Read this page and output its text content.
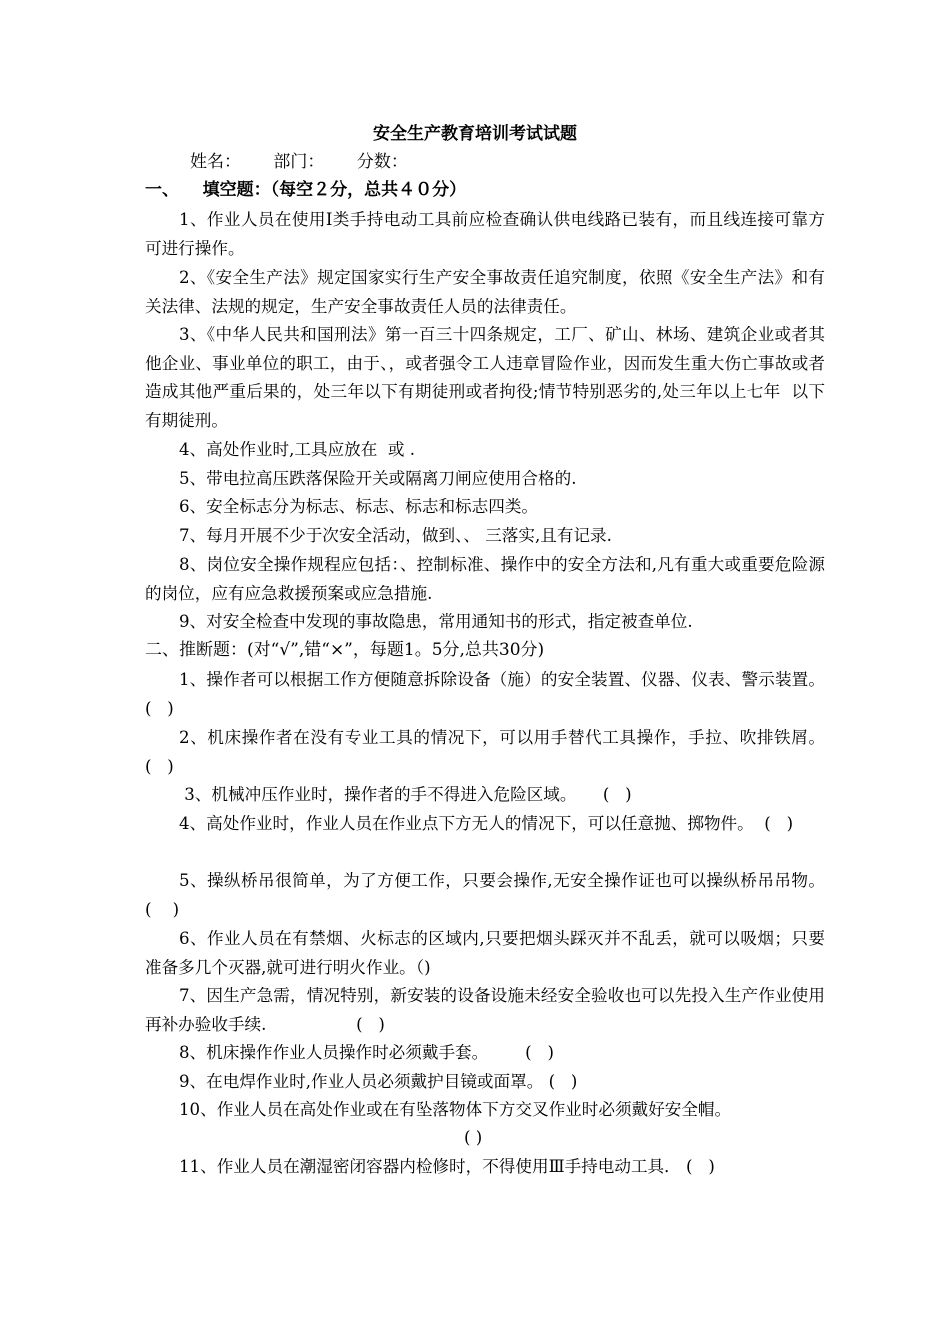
安全生产教育培训考试试题
姓名：      部门：      分数：
一、    填空题：（每空２分，总共４０分）
1、作业人员在使用Ⅰ类手持电动工具前应检查确认供电线路已装有，而且线连接可靠方可进行操作。
2、《安全生产法》规定国家实行生产安全事故责任追究制度，依照《安全生产法》和有关法律、法规的规定，生产安全事故责任人员的法律责任。
3、《中华人民共和国刑法》第一百三十四条规定，工厂、矿山、林场、建筑企业或者其他企业、事业单位的职工，由于、，或者强令工人违章冒险作业，因而发生重大伤亡事故或者造成其他严重后果的，处三年以下有期徒刑或者拘役;情节特别恶劣的,处三年以上七年  以下有期徒刑。
4、高处作业时,工具应放在  或 .
5、带电拉高压跌落保险开关或隔离刀闸应使用合格的.
6、安全标志分为标志、标志、标志和标志四类。
7、每月开展不少于次安全活动，做到、、 三落实,且有记录.
8、岗位安全操作规程应包括：、控制标准、操作中的安全方法和,凡有重大或重要危险源的岗位，应有应急救援预案或应急措施.
9、对安全检查中发现的事故隐患，常用通知书的形式，指定被查单位.
二、推断题：(对“√”,错“×”，每题1。5分,总共30分)
1、操作者可以根据工作方便随意拆除设备（施）的安全装置、仪器、仪表、警示装置。            (   )
2、机床操作者在没有专业工具的情况下，可以用手替代工具操作，手拉、吹排铁屑。    (   )
3、机械冲压作业时，操作者的手不得进入危险区域。     (   )
4、高处作业时，作业人员在作业点下方无人的情况下，可以任意抛、掷物件。  (   )
5、操纵桥吊很简单，为了方便工作，只要会操作,无安全操作证也可以操纵桥吊吊物。             (    )
6、作业人员在有禁烟、火标志的区域内,只要把烟头踩灭并不乱丢，就可以吸烟；只要准备多几个灭器,就可进行明火作业。（)
7、因生产急需，情况特别，新安装的设备设施未经安全验收也可以先投入生产作业使用再补办验收手续.                 (   )
8、机床操作作业人员操作时必须戴手套。       (   )
9、在电焊作业时,作业人员必须戴护目镜或面罩。 (   )
10、作业人员在高处作业或在有坠落物体下方交叉作业时必须戴好安全帽。
( )
11、作业人员在潮湿密闭容器内检修时，不得使用Ⅲ手持电动工具． (   )
